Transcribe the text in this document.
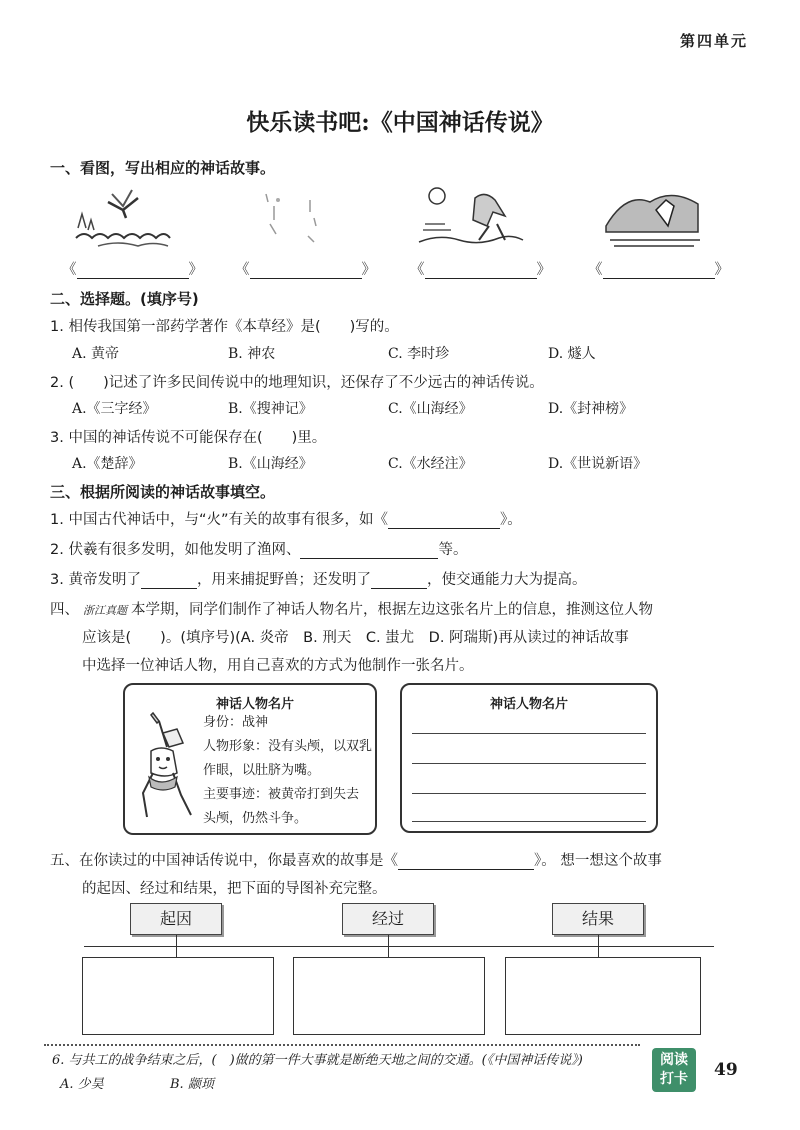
第四单元
快乐读书吧:《中国神话传说》
一、看图，写出相应的神话故事。
《	》 《	》 《	》	《	》
二、选择题。(填序号)
1. 相传我国第一部药学著作《本草经》是(　　)写的。
A. 黄帝	B. 神农	C. 李时珍	D. 燧人
2. (　　)记述了许多民间传说中的地理知识，还保存了不少远古的神话传说。
A.《三字经》	B.《搜神记》	C.《山海经》	D.《封神榜》
3. 中国的神话传说不可能保存在(　　)里。
A.《楚辞》	B.《山海经》	C.《水经注》	D.《世说新语》
三、根据所阅读的神话故事填空。
1. 中国古代神话中，与“火”有关的故事有很多，如《	》。
2. 伏羲有很多发明，如他发明了渔网、	等。
3. 黄帝发明了	，用来捕捉野兽；还发明了	，使交通能力大为提高。
四、 浙江真题 本学期，同学们制作了神话人物名片，根据左边这张名片上的信息，推测这位人物
应该是(　　)。(填序号)(A. 炎帝　B. 刑天　C. 蚩尤　D. 阿瑞斯)再从读过的神话故事
中选择一位神话人物，用自己喜欢的方式为他制作一张名片。
神话人物名片
身份：战神
人物形象：没有头颅，以双乳
作眼，以肚脐为嘴。
主要事迹：被黄帝打到失去
头颅，仍然斗争。
神话人物名片
五、在你读过的中国神话传说中，你最喜欢的故事是《	》。 想一想这个故事
的起因、经过和结果，把下面的导图补充完整。
起因	经过	结果
6. 与共工的战争结束之后，(　)做的第一件大事就是断绝天地之间的交通。(《中国神话传说》)
A. 少昊	B. 颛顼
阅读
打卡	49
